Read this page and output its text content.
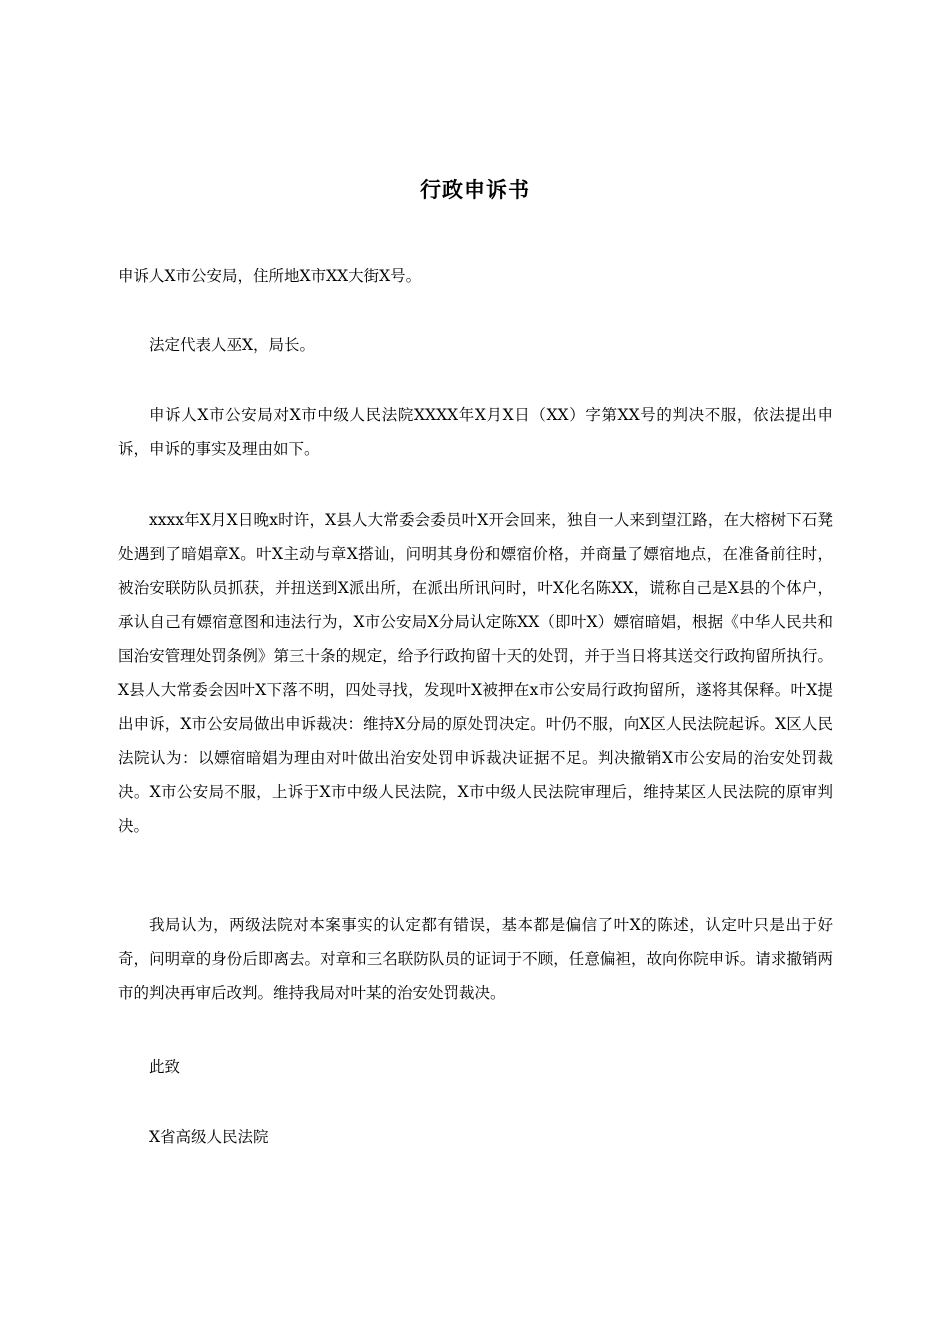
行政申诉书
申诉人X市公安局，住所地X市XX大街X号。
法定代表人巫X，局长。
申诉人X市公安局对X市中级人民法院XXXX年X月X日（XX）字第XX号的判决不服，依法提出申诉，申诉的事实及理由如下。
xxxx年X月X日晚x时许，X县人大常委会委员叶X开会回来，独自一人来到望江路，在大榕树下石凳处遇到了暗娼章X。叶X主动与章X搭讪，问明其身份和嫖宿价格，并商量了嫖宿地点，在准备前往时，被治安联防队员抓获，并扭送到X派出所，在派出所讯问时，叶X化名陈XX，谎称自己是X县的个体户，承认自己有嫖宿意图和违法行为，X市公安局X分局认定陈XX（即叶X）嫖宿暗娼，根据《中华人民共和国治安管理处罚条例》第三十条的规定，给予行政拘留十天的处罚，并于当日将其送交行政拘留所执行。X县人大常委会因叶X下落不明，四处寻找，发现叶X被押在x市公安局行政拘留所，遂将其保释。叶X提出申诉，X市公安局做出申诉裁决：维持X分局的原处罚决定。叶仍不服，向X区人民法院起诉。X区人民法院认为：以嫖宿暗娼为理由对叶做出治安处罚申诉裁决证据不足。判决撤销X市公安局的治安处罚裁决。X市公安局不服，上诉于X市中级人民法院，X市中级人民法院审理后，维持某区人民法院的原审判决。
我局认为，两级法院对本案事实的认定都有错误，基本都是偏信了叶X的陈述，认定叶只是出于好奇，问明章的身份后即离去。对章和三名联防队员的证词于不顾，任意偏袒，故向你院申诉。请求撤销两市的判决再审后改判。维持我局对叶某的治安处罚裁决。
此致
X省高级人民法院
